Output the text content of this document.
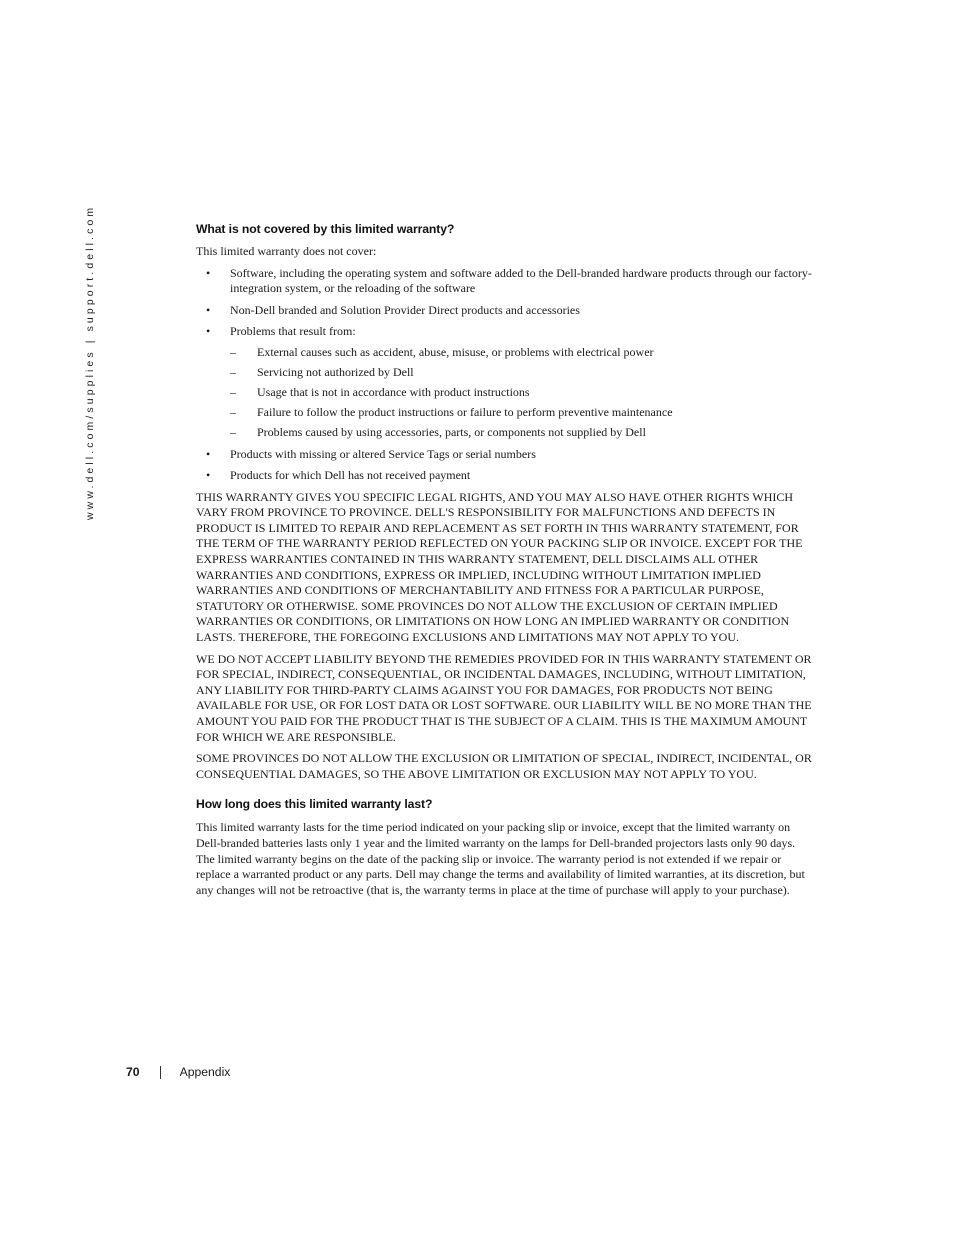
www.dell.com/supplies | support.dell.com	What is not covered by this limited warranty?

This limited warranty does not cover:

• Software, including the operating system and software added to the Dell-branded hardware products through our factory-integration system, or the reloading of the software
• Non-Dell branded and Solution Provider Direct products and accessories
• Problems that result from:
– External causes such as accident, abuse, misuse, or problems with electrical power
– Servicing not authorized by Dell
– Usage that is not in accordance with product instructions
– Failure to follow the product instructions or failure to perform preventive maintenance
– Problems caused by using accessories, parts, or components not supplied by Dell
• Products with missing or altered Service Tags or serial numbers
• Products for which Dell has not received payment

THIS WARRANTY GIVES YOU SPECIFIC LEGAL RIGHTS, AND YOU MAY ALSO HAVE OTHER RIGHTS WHICH VARY FROM PROVINCE TO PROVINCE. DELL'S RESPONSIBILITY FOR MALFUNCTIONS AND DEFECTS IN PRODUCT IS LIMITED TO REPAIR AND REPLACEMENT AS SET FORTH IN THIS WARRANTY STATEMENT, FOR THE TERM OF THE WARRANTY PERIOD REFLECTED ON YOUR PACKING SLIP OR INVOICE. EXCEPT FOR THE EXPRESS WARRANTIES CONTAINED IN THIS WARRANTY STATEMENT, DELL DISCLAIMS ALL OTHER WARRANTIES AND CONDITIONS, EXPRESS OR IMPLIED, INCLUDING WITHOUT LIMITATION IMPLIED WARRANTIES AND CONDITIONS OF MERCHANTABILITY AND FITNESS FOR A PARTICULAR PURPOSE, STATUTORY OR OTHERWISE. SOME PROVINCES DO NOT ALLOW THE EXCLUSION OF CERTAIN IMPLIED WARRANTIES OR CONDITIONS, OR LIMITATIONS ON HOW LONG AN IMPLIED WARRANTY OR CONDITION LASTS. THEREFORE, THE FOREGOING EXCLUSIONS AND LIMITATIONS MAY NOT APPLY TO YOU.

WE DO NOT ACCEPT LIABILITY BEYOND THE REMEDIES PROVIDED FOR IN THIS WARRANTY STATEMENT OR FOR SPECIAL, INDIRECT, CONSEQUENTIAL, OR INCIDENTAL DAMAGES, INCLUDING, WITHOUT LIMITATION, ANY LIABILITY FOR THIRD-PARTY CLAIMS AGAINST YOU FOR DAMAGES, FOR PRODUCTS NOT BEING AVAILABLE FOR USE, OR FOR LOST DATA OR LOST SOFTWARE. OUR LIABILITY WILL BE NO MORE THAN THE AMOUNT YOU PAID FOR THE PRODUCT THAT IS THE SUBJECT OF A CLAIM. THIS IS THE MAXIMUM AMOUNT FOR WHICH WE ARE RESPONSIBLE.

SOME PROVINCES DO NOT ALLOW THE EXCLUSION OR LIMITATION OF SPECIAL, INDIRECT, INCIDENTAL, OR CONSEQUENTIAL DAMAGES, SO THE ABOVE LIMITATION OR EXCLUSION MAY NOT APPLY TO YOU.

How long does this limited warranty last?

This limited warranty lasts for the time period indicated on your packing slip or invoice, except that the limited warranty on Dell-branded batteries lasts only 1 year and the limited warranty on the lamps for Dell-branded projectors lasts only 90 days. The limited warranty begins on the date of the packing slip or invoice. The warranty period is not extended if we repair or replace a warranted product or any parts. Dell may change the terms and availability of limited warranties, at its discretion, but any changes will not be retroactive (that is, the warranty terms in place at the time of purchase will apply to your purchase).

70	Appendix
